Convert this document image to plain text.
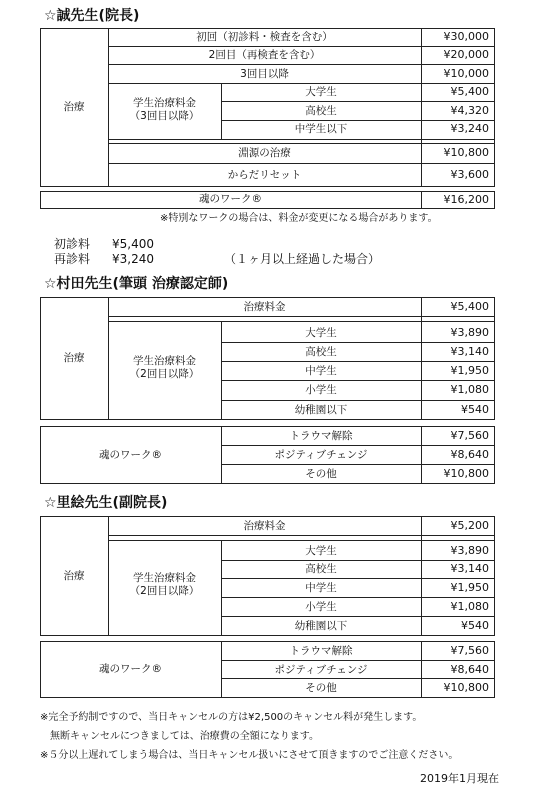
☆誠先生(院長)
治療
初回（初診料・検査を含む）	¥30,000
2回目（再検査を含む）	¥20,000
3回目以降	¥10,000
学生治療料金
（3回目以降）
大学生	¥5,400
高校生	¥4,320
中学生以下	¥3,240
淵源の治療	¥10,800
からだリセット	¥3,600
魂のワーク®	¥16,200
※特別なワークの場合は、料金が変更になる場合があります。
初診料 ¥5,400
再診料 ¥3,240	（１ヶ月以上経過した場合）
☆村田先生(筆頭 治療認定師)
治療
治療料金	¥5,400
学生治療料金
（2回目以降）
大学生	¥3,890
高校生	¥3,140
中学生	¥1,950
小学生	¥1,080
幼稚園以下	¥540
魂のワーク®
トラウマ解除	¥7,560
ポジティブチェンジ	¥8,640
その他	¥10,800
☆里絵先生(副院長)
治療
治療料金	¥5,200
学生治療料金
（2回目以降）
大学生	¥3,890
高校生	¥3,140
中学生	¥1,950
小学生	¥1,080
幼稚園以下	¥540
魂のワーク®
トラウマ解除	¥7,560
ポジティブチェンジ	¥8,640
その他	¥10,800
※完全予約制ですので、当日キャンセルの方は¥2,500のキャンセル料が発生します。
無断キャンセルにつきましては、治療費の全額になります。
※５分以上遅れてしまう場合は、当日キャンセル扱いにさせて頂きますのでご注意ください。
2019年1月現在
